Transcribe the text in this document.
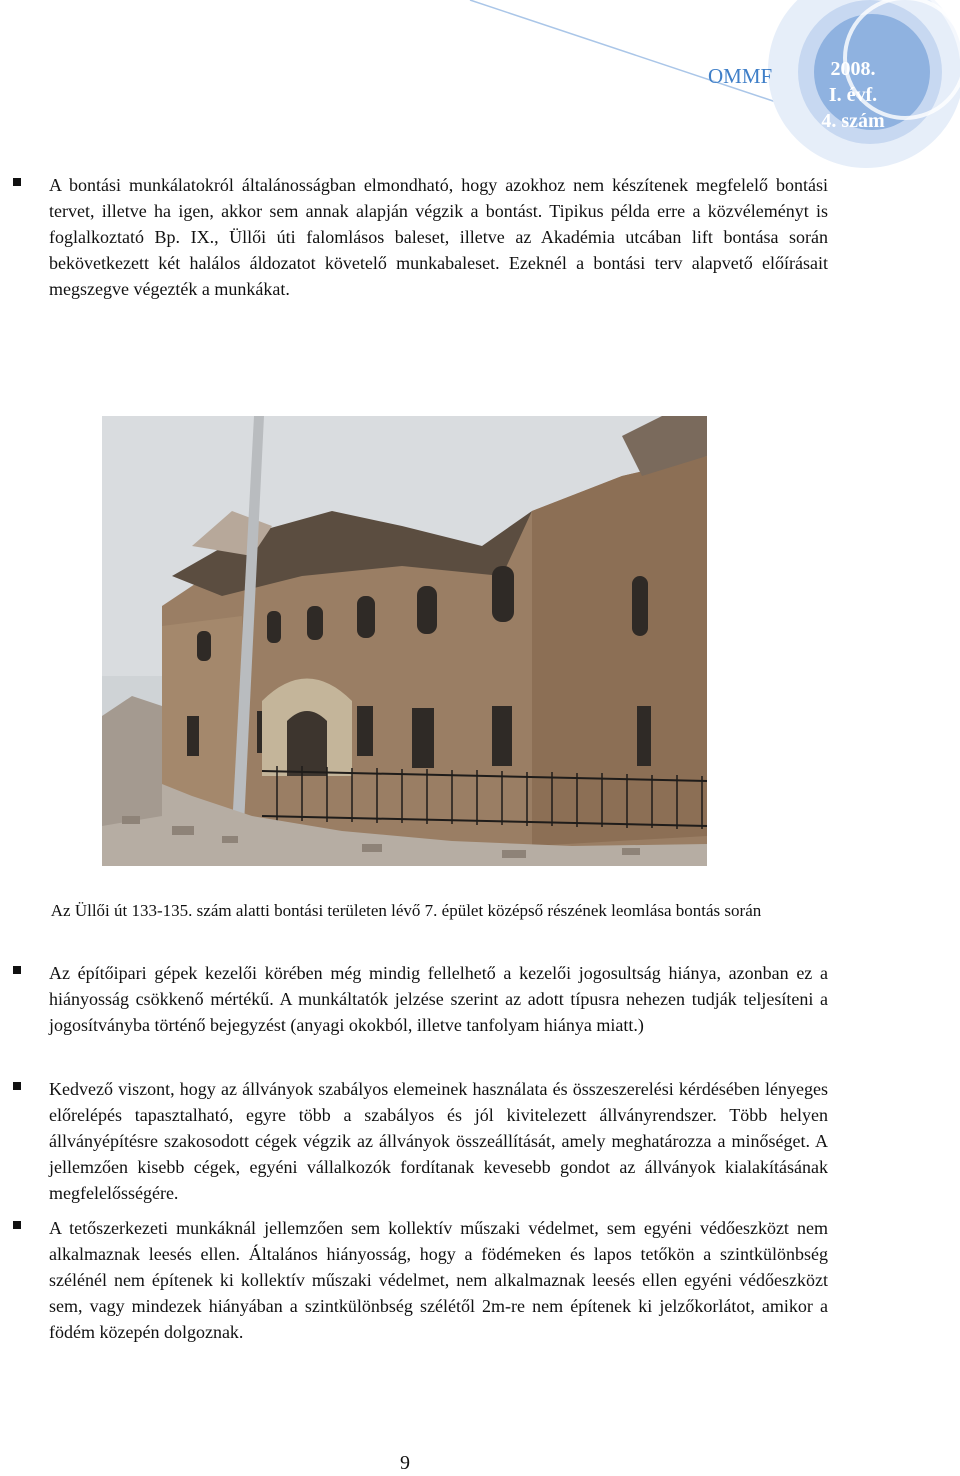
OMMF	2008.
I. évf.
4. szám

A bontási munkálatokról általánosságban elmondható, hogy azokhoz nem készítenek megfelelő bontási tervet, illetve ha igen, akkor sem annak alapján végzik a bontást. Tipikus példa erre a közvéleményt is foglalkoztató Bp. IX., Üllői úti falomlásos baleset, illetve az Akadémia utcában lift bontása során bekövetkezett két halálos áldozatot követelő munkabaleset. Ezeknél a bontási terv alapvető előírásait megszegve végezték a munkákat.

Az Üllői út 133-135. szám alatti bontási területen lévő 7. épület középső részének leomlása bontás során

Az építőipari gépek kezelői körében még mindig fellelhető a kezelői jogosultság hiánya, azonban ez a hiányosság csökkenő mértékű. A munkáltatók jelzése szerint az adott típusra nehezen tudják teljesíteni a jogosítványba történő bejegyzést (anyagi okokból, illetve tanfolyam hiánya miatt.)

Kedvező viszont, hogy az állványok szabályos elemeinek használata és összeszerelési kérdésében lényeges előrelépés tapasztalható, egyre több a szabályos és jól kivitelezett állványrendszer. Több helyen állványépítésre szakosodott cégek végzik az állványok összeállítását, amely meghatározza a minőséget. A jellemzően kisebb cégek, egyéni vállalkozók fordítanak kevesebb gondot az állványok kialakításának megfelelősségére.

A tetőszerkezeti munkáknál jellemzően sem kollektív műszaki védelmet, sem egyéni védőeszközt nem alkalmaznak leesés ellen. Általános hiányosság, hogy a födémeken és lapos tetőkön a szintkülönbség szélénél nem építenek ki kollektív műszaki védelmet, nem alkalmaznak leesés ellen egyéni védőeszközt sem, vagy mindezek hiányában a szintkülönbség szélétől 2m-re nem építenek ki jelzőkorlátot, amikor a födém közepén dolgoznak.

9
